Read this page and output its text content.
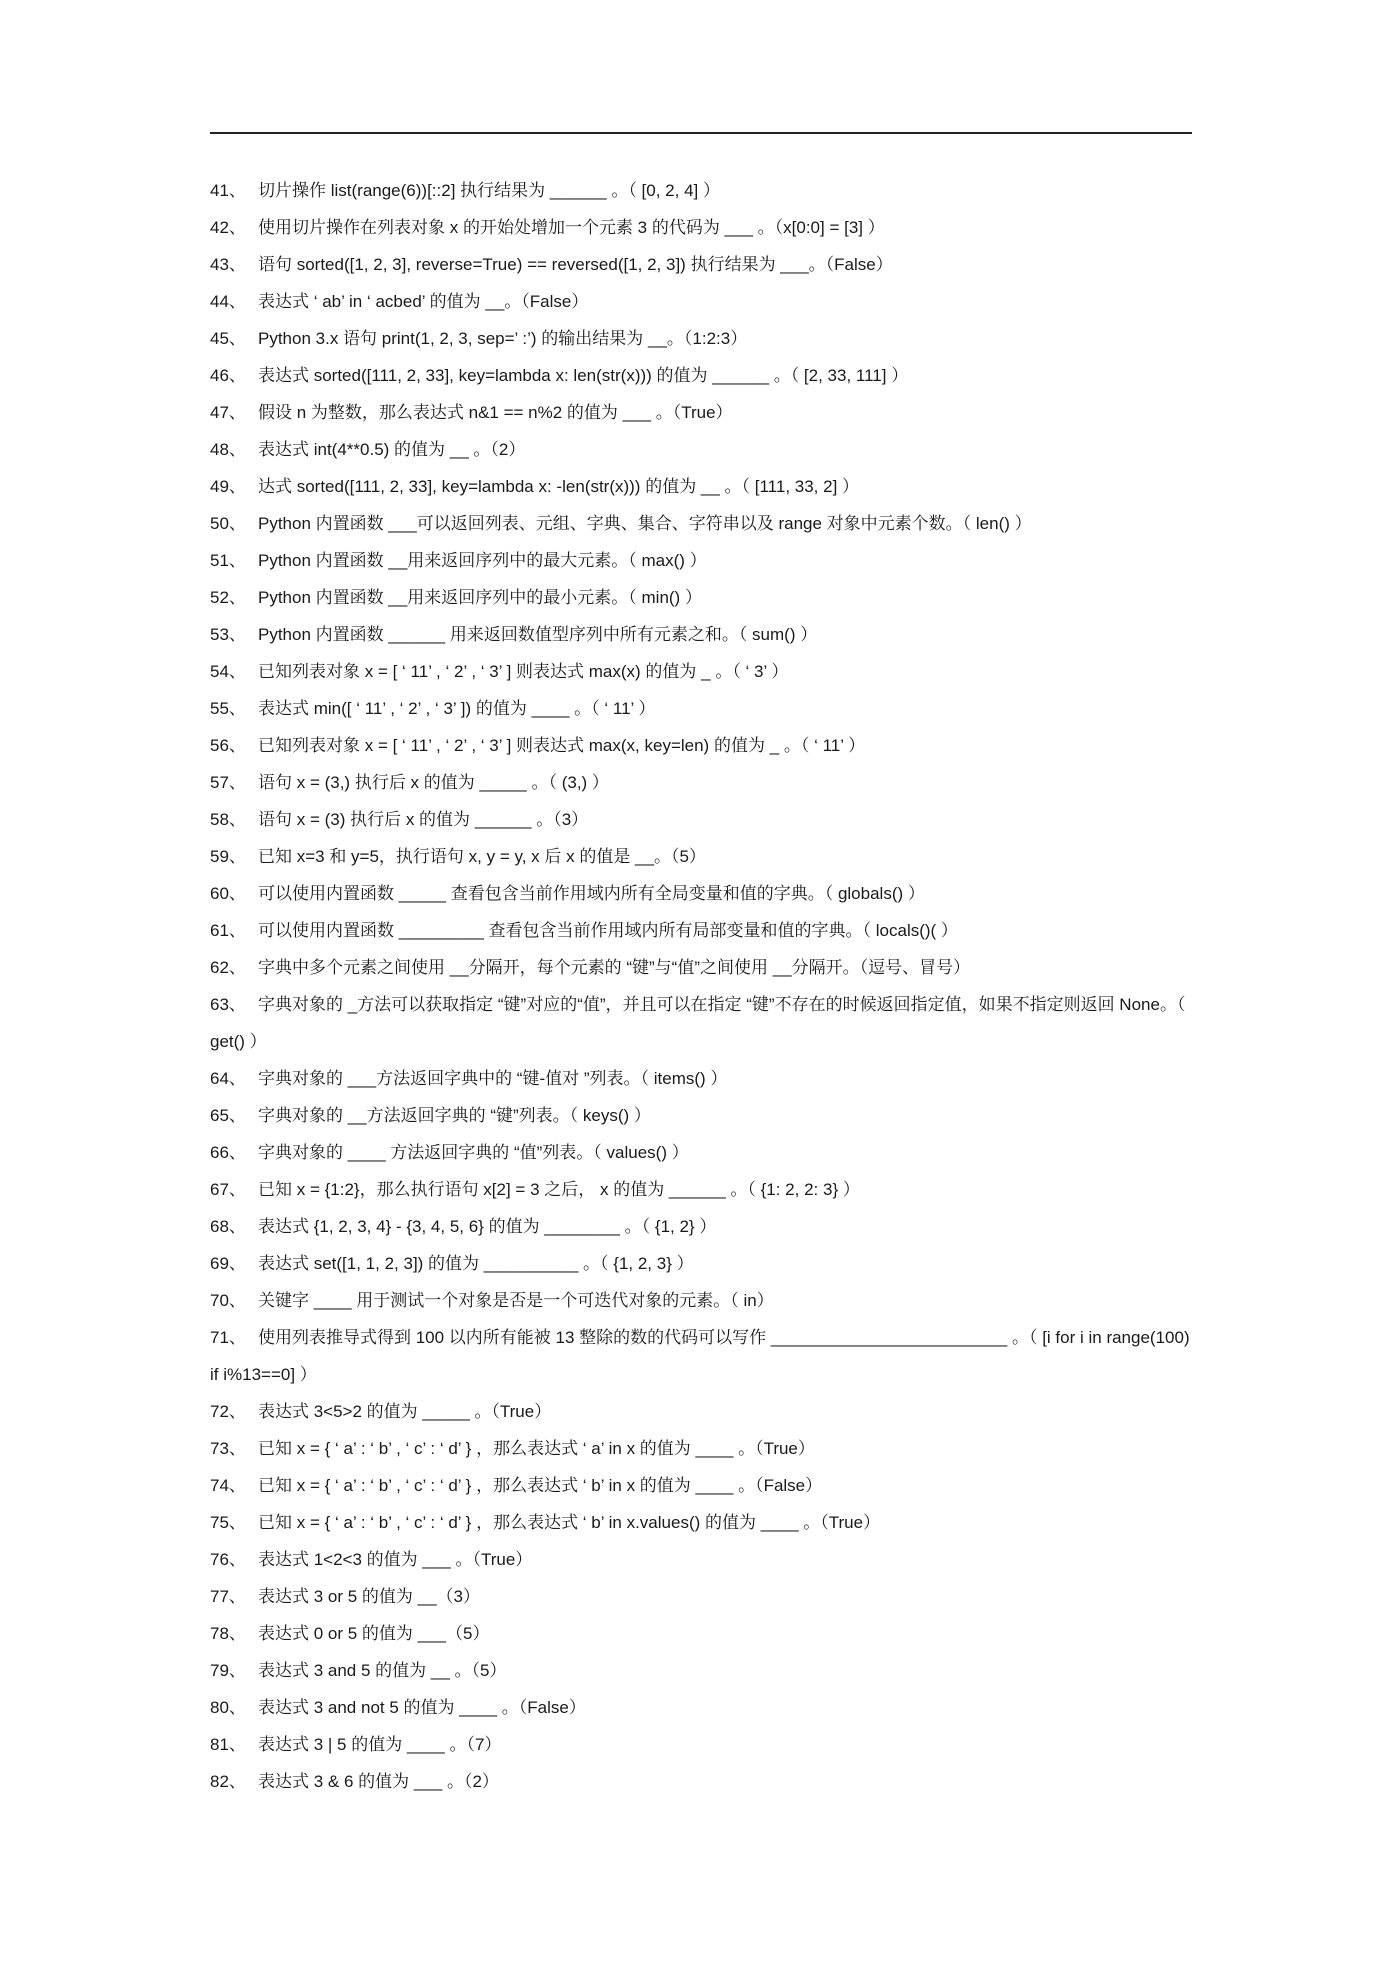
41、 切片操作 list(range(6))[::2] 执行结果为 ______ 。（ [0, 2, 4] ）
42、 使用切片操作在列表对象 x 的开始处增加一个元素 3 的代码为 ___ 。（x[0:0] = [3] ）
43、 语句 sorted([1, 2, 3], reverse=True) == reversed([1, 2, 3]) 执行结果为 ___。（False）
44、 表达式 ‘ ab’ in ‘ acbed’ 的值为 __。（False）
45、 Python 3.x 语句 print(1, 2, 3, sep=’ :’) 的输出结果为 __。（1:2:3）
46、 表达式 sorted([111, 2, 33], key=lambda x: len(str(x))) 的值为 ______ 。（ [2, 33, 111] ）
47、 假设 n 为整数，那么表达式 n&1 == n%2 的值为 ___ 。（True）
48、 表达式 int(4**0.5) 的值为 __ 。（2）
49、 达式 sorted([111, 2, 33], key=lambda x: -len(str(x))) 的值为 __ 。（ [111, 33, 2] ）
50、 Python 内置函数 ___可以返回列表、元组、字典、集合、字符串以及 range 对象中元素个数。（ len() ）
51、 Python 内置函数 __用来返回序列中的最大元素。（ max() ）
52、 Python 内置函数 __用来返回序列中的最小元素。（ min() ）
53、 Python 内置函数 ______ 用来返回数值型序列中所有元素之和。（ sum() ）
54、 已知列表对象 x = [ ‘ 11’ , ‘ 2’ , ‘ 3’ ] 则表达式 max(x) 的值为 _ 。（ ‘ 3’ ）
55、 表达式 min([ ‘ 11’ , ‘ 2’ , ‘ 3’ ]) 的值为 ____ 。（ ‘ 11’ ）
56、 已知列表对象 x = [ ‘ 11’ , ‘ 2’ , ‘ 3’ ] 则表达式 max(x, key=len) 的值为 _ 。（ ‘ 11’ ）
57、 语句 x = (3,) 执行后 x 的值为 _____ 。（ (3,) ）
58、 语句 x = (3) 执行后 x 的值为 ______ 。（3）
59、 已知 x=3 和 y=5，执行语句 x, y = y, x 后 x 的值是 __。（5）
60、 可以使用内置函数 _____ 查看包含当前作用域内所有全局变量和值的字典。（ globals() ）
61、 可以使用内置函数 _________ 查看包含当前作用域内所有局部变量和值的字典。（ locals()( ）
62、 字典中多个元素之间使用 __分隔开，每个元素的 “键”与“值”之间使用 __分隔开。（逗号、冒号）
63、 字典对象的 _方法可以获取指定 “键”对应的“值”，并且可以在指定 “键”不存在的时候返回指定值，如果不指定则返回 None。（ get() ）
64、 字典对象的 ___方法返回字典中的 “键-值对 ”列表。（ items() ）
65、 字典对象的 __方法返回字典的 “键”列表。（ keys() ）
66、 字典对象的 ____ 方法返回字典的 “值”列表。（ values() ）
67、 已知 x = {1:2}，那么执行语句 x[2] = 3 之后， x 的值为 ______ 。（ {1: 2, 2: 3} ）
68、 表达式 {1, 2, 3, 4} - {3, 4, 5, 6} 的值为 ________ 。（ {1, 2} ）
69、 表达式 set([1, 1, 2, 3]) 的值为 __________ 。（ {1, 2, 3} ）
70、 关键字 ____ 用于测试一个对象是否是一个可迭代对象的元素。（ in）
71、 使用列表推导式得到 100 以内所有能被 13 整除的数的代码可以写作 _________________________ 。（ [i for i in range(100) if i%13==0] ）
72、 表达式 3<5>2 的值为 _____ 。（True）
73、 已知 x = { ‘ a’ : ‘ b’ , ‘ c’ : ‘ d’ } ，那么表达式 ‘ a’ in x 的值为 ____ 。（True）
74、 已知 x = { ‘ a’ : ‘ b’ , ‘ c’ : ‘ d’ } ，那么表达式 ‘ b’ in x 的值为 ____ 。（False）
75、 已知 x = { ‘ a’ : ‘ b’ , ‘ c’ : ‘ d’ } ，那么表达式 ‘ b’ in x.values() 的值为 ____ 。（True）
76、 表达式 1<2<3 的值为 ___ 。（True）
77、 表达式 3 or 5 的值为 __（3）
78、 表达式 0 or 5 的值为 ___（5）
79、 表达式 3 and 5 的值为 __ 。（5）
80、 表达式 3 and not 5 的值为 ____ 。（False）
81、 表达式 3 | 5 的值为 ____ 。（7）
82、 表达式 3 & 6 的值为 ___ 。（2）
